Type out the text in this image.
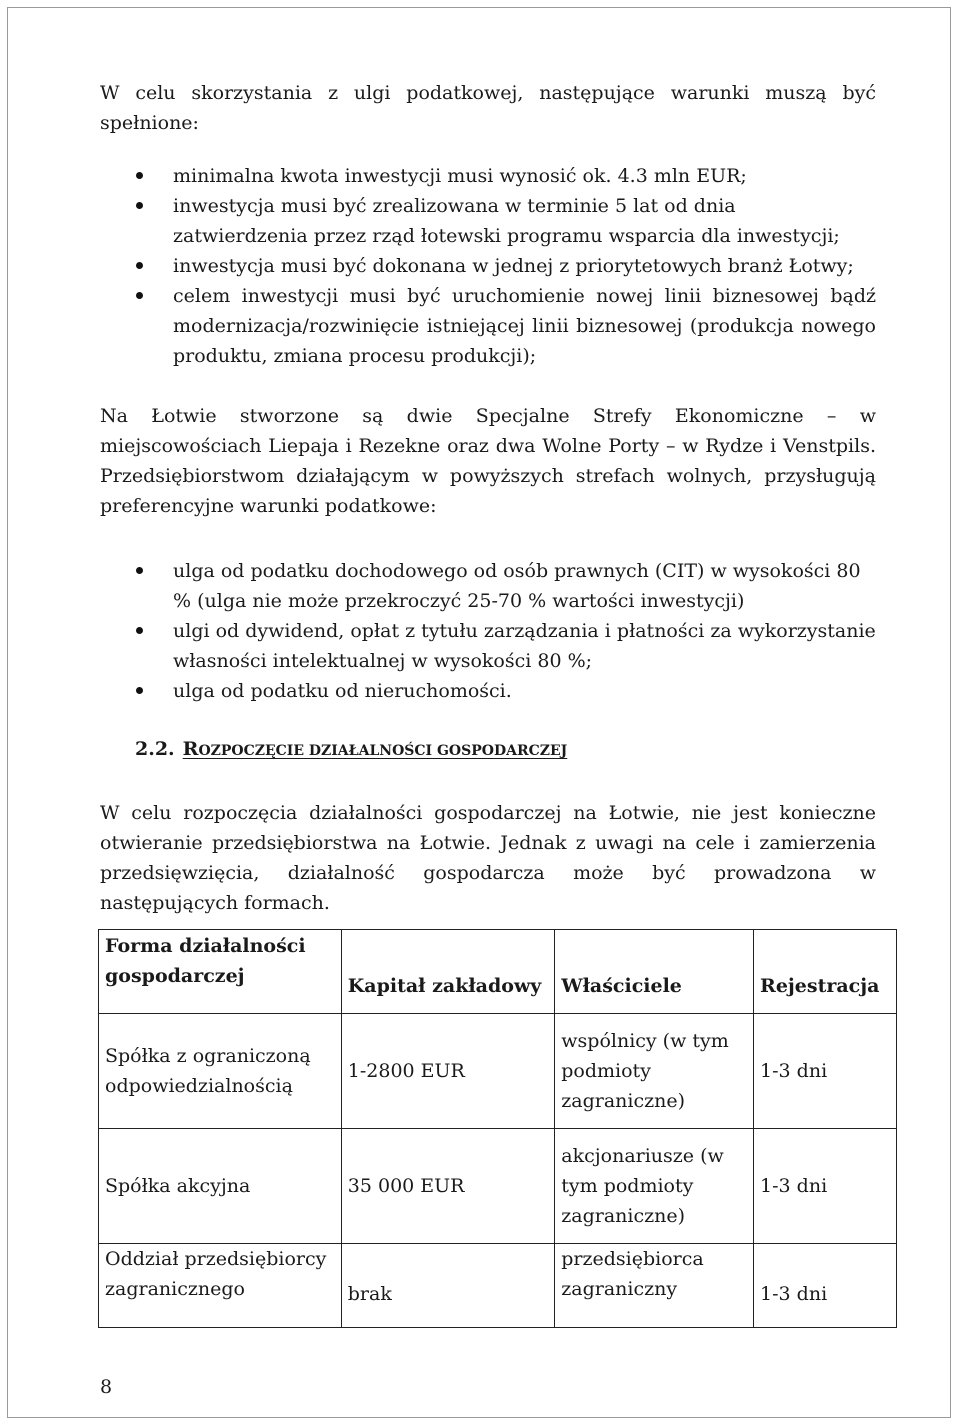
W celu skorzystania z ulgi podatkowej, następujące warunki muszą być spełnione:

minimalna kwota inwestycji musi wynosić ok. 4.3 mln EUR;
inwestycja musi być zrealizowana w terminie 5 lat od dnia zatwierdzenia przez rząd łotewski programu wsparcia dla inwestycji;
inwestycja musi być dokonana w jednej z priorytetowych branż Łotwy;
celem inwestycji musi być uruchomienie nowej linii biznesowej bądź modernizacja/rozwinięcie istniejącej linii biznesowej (produkcja nowego produktu, zmiana procesu produkcji);

Na Łotwie stworzone są dwie Specjalne Strefy Ekonomiczne – w miejscowościach Liepaja i Rezekne oraz dwa Wolne Porty – w Rydze i Venstpils. Przedsiębiorstwom działającym w powyższych strefach wolnych, przysługują preferencyjne warunki podatkowe:

ulga od podatku dochodowego od osób prawnych (CIT) w wysokości 80 % (ulga nie może przekroczyć 25-70 % wartości inwestycji)
ulgi od dywidend, opłat z tytułu zarządzania i płatności za wykorzystanie własności intelektualnej w wysokości 80 %;
ulga od podatku od nieruchomości.
2.2. ROZPOCZĘCIE DZIAŁALNOŚCI GOSPODARCZEJ

W celu rozpoczęcia działalności gospodarczej na Łotwie, nie jest konieczne otwieranie przedsiębiorstwa na Łotwie. Jednak z uwagi na cele i zamierzenia przedsięwzięcia, działalność gospodarcza może być prowadzona w następujących formach.

Forma działalności gospodarczej	Kapitał zakładowy	Właściciele	Rejestracja
Spółka z ograniczoną odpowiedzialnością	1-2800 EUR	wspólnicy (w tym podmioty zagraniczne)	1-3 dni
Spółka akcyjna	35 000 EUR	akcjonariusze (w tym podmioty zagraniczne)	1-3 dni
Oddział przedsiębiorcy zagranicznego	brak	przedsiębiorca zagraniczny	1-3 dni
8
